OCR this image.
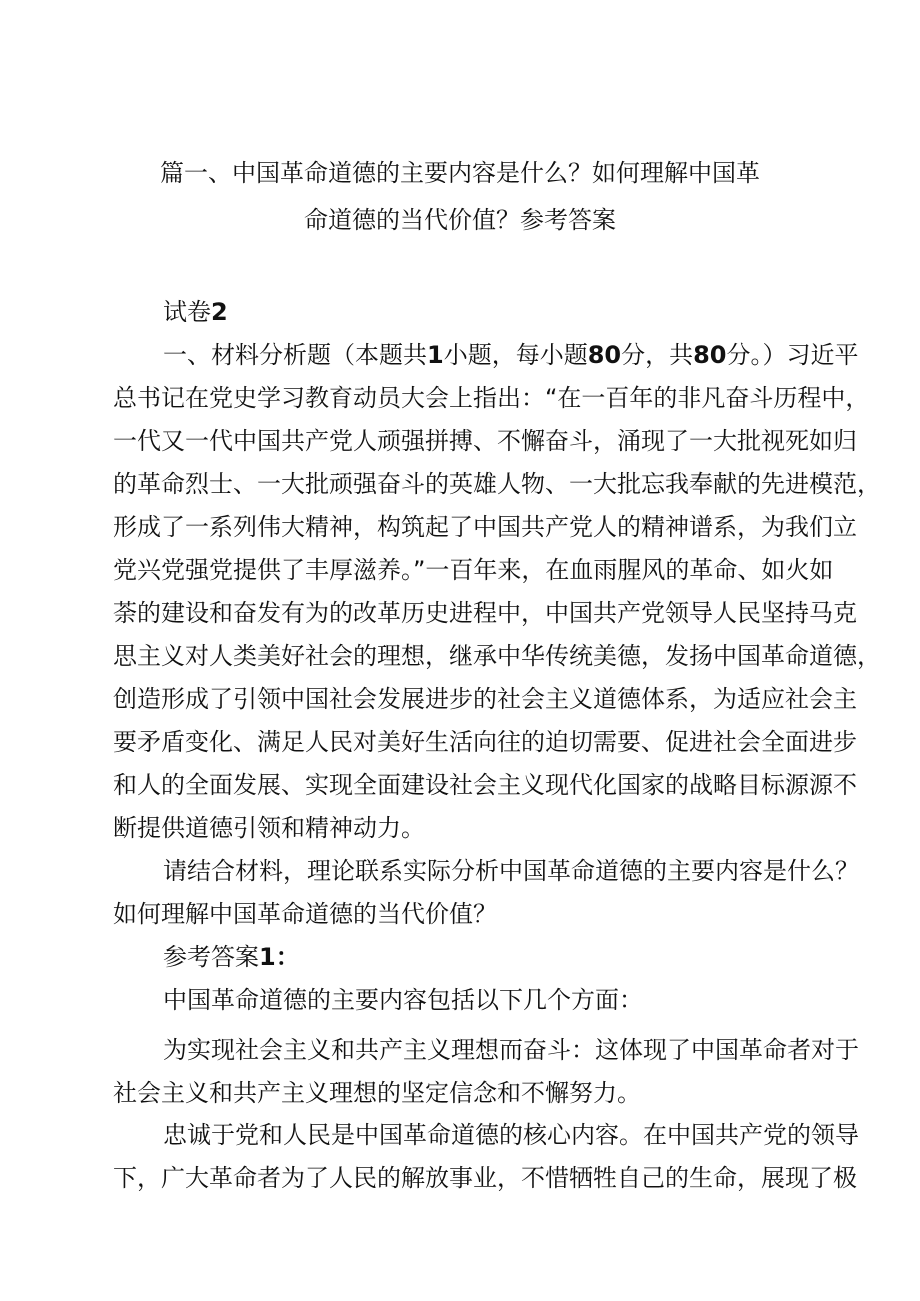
篇一、中国革命道德的主要内容是什么？如何理解中国革
命道德的当代价值？参考答案
试卷2
一、材料分析题（本题共1小题，每小题80分，共80分。）习近平
总书记在党史学习教育动员大会上指出：“在一百年的非凡奋斗历程中，
一代又一代中国共产党人顽强拼搏、不懈奋斗，涌现了一大批视死如归
的革命烈士、一大批顽强奋斗的英雄人物、一大批忘我奉献的先进模范，
形成了一系列伟大精神，构筑起了中国共产党人的精神谱系，为我们立
党兴党强党提供了丰厚滋养。”一百年来，在血雨腥风的革命、如火如
荼的建设和奋发有为的改革历史进程中，中国共产党领导人民坚持马克
思主义对人类美好社会的理想，继承中华传统美德，发扬中国革命道德，
创造形成了引领中国社会发展进步的社会主义道德体系，为适应社会主
要矛盾变化、满足人民对美好生活向往的迫切需要、促进社会全面进步
和人的全面发展、实现全面建设社会主义现代化国家的战略目标源源不
断提供道德引领和精神动力。
请结合材料，理论联系实际分析中国革命道德的主要内容是什么？
如何理解中国革命道德的当代价值？
参考答案1：
中国革命道德的主要内容包括以下几个方面：
为实现社会主义和共产主义理想而奋斗：这体现了中国革命者对于
社会主义和共产主义理想的坚定信念和不懈努力。
忠诚于党和人民是中国革命道德的核心内容。在中国共产党的领导
下，广大革命者为了人民的解放事业，不惜牺牲自己的生命，展现了极
